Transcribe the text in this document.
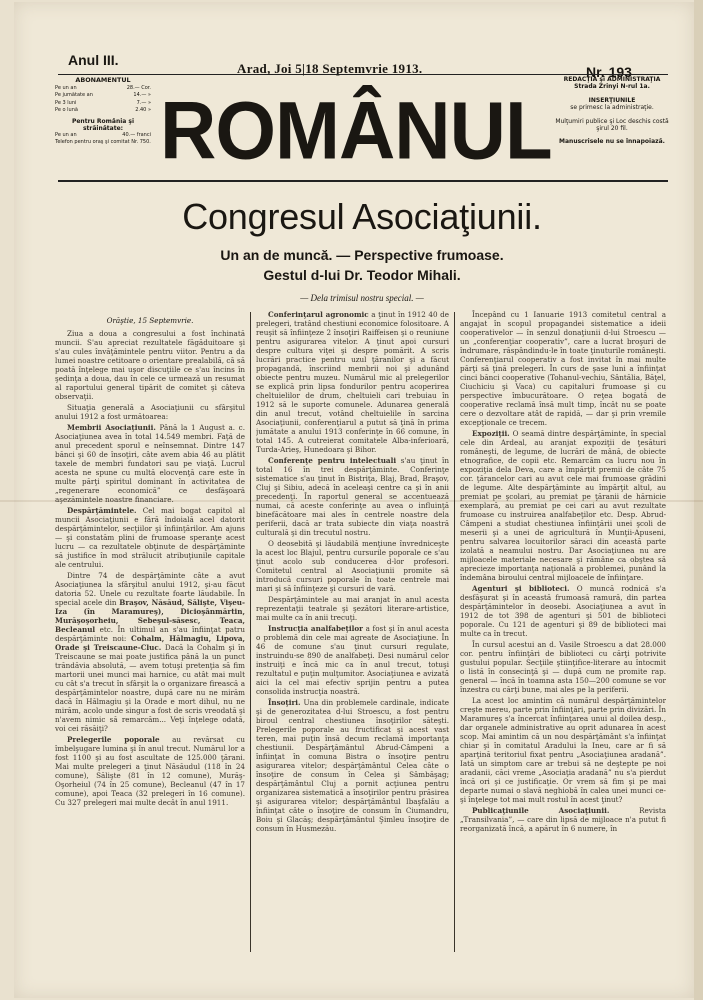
Anul III.
Arad, Joi 5|18 Septemvrie 1913.	Nr. 193
ABONAMENTUL
Pe un an	28.— Cor.
Pe jumătate an	14.— »
Pe 3 luni	7.— »
Pe o lună	2.40 »
Pentru România şi străinătate:
Pe un an	40.— franci
Telefon pentru oraş şi comitat Nr. 750. ROMÂNUL
REDACŢIA şi ADMINISTRAŢIA
Strada Zrinyi N-rul 1a.
INSERŢIUNILE
se primesc la administraţie.
Mulţumiri publice şi Loc deschis costă şirul 20 fil.
Manuscrisele nu se înnapoiază.
Congresul Asociaţiunii.
Un an de muncă. — Perspective frumoase.
Gestul d-lui Dr. Teodor Mihali.
— Dela trimisul nostru special. —

Orăştie, 15 Septemvrie.

Ziua a doua a congresului a fost închinată muncii. S'au apreciat rezultatele făgăduitoare şi s'au cules învăţămintele pentru viitor. Pentru a da lumei noastre cetitoare o orientare prealabilă, că să poată înţelege mai uşor discuţiile ce s'au încins în şedinţa a doua, dau în cele ce urmează un resumat al raportului general tipărit de comitet şi câteva observaţii.

Situaţia generală a Asociaţiunii cu sfârşitul anului 1912 a fost următoarea:

Membrii Asociaţiunii. Până la 1 August a. c. Asociaţiunea avea în total 14.549 membri. Faţă de anul precedent sporul e neînsemnat. Dintre 147 bănci şi 60 de însoţiri, câte avem abia 46 au plătit taxele de membri fundatori sau pe viaţă. Lucrul acesta ne spune cu multă elocvenţă care este în multe părţi spiritul dominant în activitatea de „regenerare economică” ce desfăşoară aşezămintele noastre financiare.

Despărţămintele. Cel mai bogat capitol al muncii Asociaţiunii e fără îndoială acel datorit despărţămintelor, secţiilor şi înfiinţărilor. Am ajuns — şi constatăm plini de frumoase speranţe acest lucru — ca rezultatele obţinute de despărţăminte să justifice în mod strălucit atribuţiunile capitale ale centrului.

Dintre 74 de despărţăminte câte a avut Asociaţiunea la sfârşitul anului 1912, şi-au făcut datoria 52. Unele cu rezultate foarte lăudabile. În special acele din Braşov, Năsăud, Sălişte, Vişeu-Iza (în Maramureş), Dicioşânmărtin, Murăşoşorheiu, Sebeşul-săsesc, Teaca, Becleanul etc. În ultimul an s'au înfiinţat patru despărţăminte noi: Cohalm, Hălmagiu, Lipova, Orade şi Treiscaune-Cluc. Dacă la Cohalm şi în Treiscaune se mai poate justifica până la un punct trăndăvia absolută, — avem totuşi pretenţia să fim martorii unei munci mai harnice, cu atât mai mult cu cât s'a trecut în sfârşit la o organizare firească a despărţămintelor noastre, după care nu ne mirăm dacă în Hălmagiu şi la Orade e mort dihul, nu ne mirăm, acolo unde singur a fost de scris vreodată şi n'avem nimic să remarcăm... Veţi înţelege odată, voi cei răsăiţi?

Prelegerile poporale au revărsat cu îmbelşugare lumina şi în anul trecut. Numărul lor a fost 1100 şi au fost ascultate de 125.000 ţărani. Mai multe prelegeri a ţinut Năsăudul (118 în 24 comune), Sălişte (81 în 12 comune), Murăş-Oşorheiul (74 în 25 comune), Becleanul (47 în 17 comune), apoi Teaca (32 prelegeri în 16 comune). Cu 327 prelegeri mai multe decât în anul 1911.

Conferinţarul agronomic a ţinut în 1912 40 de prelegeri, tratând chestiuni economice folositoare. A reuşit să înfiinţeze 2 însoţiri Raiffeisen şi o reuniune pentru asigurarea vitelor. A ţinut apoi cursuri despre cultura viţei şi despre pomărit. A scris lucrări practice pentru uzul ţăranilor şi a făcut propagandă, înscriind membrii noi şi adunând obiecte pentru muzeu. Numărul mic al prelegerilor se explică prin lipsa fondurilor pentru acoperirea cheltuielilor de drum, cheltuieli cari trebuiau în 1912 să le suporte comunele. Adunarea generală din anul trecut, votând cheltuielile în sarcina Asociaţiunii, conferenţiarul a putut să ţină în prima jumătate a anului 1913 conferinţe în 66 comune, în total 145. A cutreierat comitatele Alba-inferioară, Turda-Arieş, Hunedoara şi Bihor.

Conferenţe pentru intelectuali s'au ţinut în total 16 în trei despărţăminte. Conferinţe sistematice s'au ţinut în Bistriţa, Blaj, Brad, Braşov, Cluj şi Sibiu, adecă în aceleaşi centre ca şi în anii precedenţi. În raportul general se accentuează numai, că aceste conferinţe au avea o influinţă binefăcătoare mai ales în centrele noastre dela periferii, dacă ar trata subiecte din viaţa noastră culturală şi din trecutul nostru.

O deosebită şi lăudabilă menţiune învredniceşte la acest loc Blajul, pentru cursurile poporale ce s'au ţinut acolo sub conducerea d-lor profesori. Comitetul central al Asociaţiunii promite să introducă cursuri poporale în toate centrele mai mari şi să înfiinţeze şi cursuri de vară.

Despărţămintele au mai aranjat în anul acesta reprezentaţii teatrale şi şezători literare-artistice, mai multe ca în anii trecuţi.

Instrucţia analfabeţilor a fost şi în anul acesta o problemă din cele mai agreate de Asociaţiune. În 46 de comune s'au ţinut cursuri regulate, instruindu-se 890 de analfabeţi. Desi numărul celor instruiţi e încă mic ca în anul trecut, totuşi rezultatul e puţin mulţumitor. Asociaţiunea e avizată aici la cel mai efectiv sprijin pentru a putea consolida instrucţia noastră.

Însoţiri. Una din problemele cardinale, indicate şi de generozitatea d-lui Stroescu, a fost pentru biroul central chestiunea însoţirilor săteşti. Prelegerile poporale au fructificat şi acest vast teren, mai puţin însă decum reclamă importanţa chestiunii. Despărţământul Abrud-Câmpeni a înfiinţat în comuna Bistra o însoţire pentru asigurarea vitelor; despărţământul Celea câte o însoţire de consum în Celea şi Sâmbăşag; despărţământul Cluj a pornit acţiunea pentru organizarea sistematică a însoţirilor pentru prăsirea şi asigurarea vitelor; despărţământul Ibaşfalău a înfiinţat câte o însoţire de consum în Ciumandru, Boiu şi Glacăş; despărţământul Şimleu însoţire de consum în Husmezău.

Începând cu 1 Ianuarie 1913 comitetul central a angajat în scopul propagandei sistematice a ideii cooperativelor — în senzul donaţiunii d-lui Stroescu — un „conferenţiar cooperativ”, care a lucrat broşuri de îndrumare, răspândindu-le în toate ţinuturile româneşti. Conferenţiarul cooperativ a fost invitat în mai multe părţi să ţină prelegeri. În curs de şase luni a înfiinţat cinci bănci cooperative (Tohanul-vechiu, Sântălia, Băţel, Ciuchiciu şi Vaca) cu capitaluri frumoase şi cu perspective îmbucurătoare. O reţea bogată de cooperative reclamă însă mult timp, încât nu se poate cere o dezvoltare atât de rapidă, — dar şi prin vremile excepţionale ce trecem.

Expoziţii. O seamă dintre despărţăminte, în special cele din Ardeal, au aranjat expoziţii de ţesături româneşti, de legume, de lucrări de mână, de obiecte etnografice, de copii etc. Remarcăm ca lucru nou în expoziţia dela Deva, care a împărţit premii de câte 75 cor. ţărancelor cari au avut cele mai frumoase grădini de legume. Alte despărţăminte au împărţit altul, au premiat pe şcolari, au premiat pe ţăranii de hărnicie exemplară, au premiat pe cei cari au avut rezultate frumoase cu instruirea analfabeţilor etc. Desp. Abrud-Câmpeni a studiat chestiunea înfiinţării unei şcoli de meserii şi a unei de agricultură în Munţii-Apuseni, pentru salvarea locuitorilor săraci din această parte izolată a neamului nostru. Dar Asociaţiunea nu are mijloacele materiale necesare şi rămâne ca obştea să aprecieze importanţa naţională a problemei, punând la îndemâna biroului central mijloacele de înfiinţare.

Agenturi şi biblioteci. O muncă rodnică s'a desfăşurat şi în această frumoasă ramură, din partea despărţămintelor în deosebi. Asociaţiunea a avut în 1912 de tot 398 de agenturi şi 501 de biblioteci poporale. Cu 121 de agenturi şi 89 de biblioteci mai multe ca în trecut.

În cursul acestui an d. Vasile Stroescu a dat 28.000 cor. pentru înfiinţări de biblioteci cu cărţi potrivite gustului popular. Secţiile ştiinţifice-literare au întocmit o listă în consecinţă şi — după cum ne promite rap. general — încă în toamna asta 150—200 comune se vor înzestra cu cărţi bune, mai ales pe la periferii.

La acest loc amintim că numărul despărţămintelor creşte mereu, parte prin înfiinţări, parte prin divizări. În Maramureş s'a încercat înfiinţarea unui al doilea desp., dar organele administrative au oprit adunarea în acest scop. Mai amintim că un nou despărţământ s'a înfiinţat chiar şi în comitatul Aradului la Ineu, care ar fi să aparţină teritoriul fixat pentru „Asociaţiunea aradană”. Iată un simptom care ar trebui să ne deştepte pe noi aradanii, căci vreme „Asociaţia aradană” nu s'a pierdut încă ori şi ce justificaţie. Or vrem să fim şi pe mai departe numai o slavă neghiobă în calea unei munci ce-şi înţelege tot mai mult rostul în acest ţinut?

Publicaţiunile Asociaţiunii.	Revista „Transilvania”, — care din lipsă de mijloace n'a putut fi reorganizată încă, a apărut în 6 numere, în
